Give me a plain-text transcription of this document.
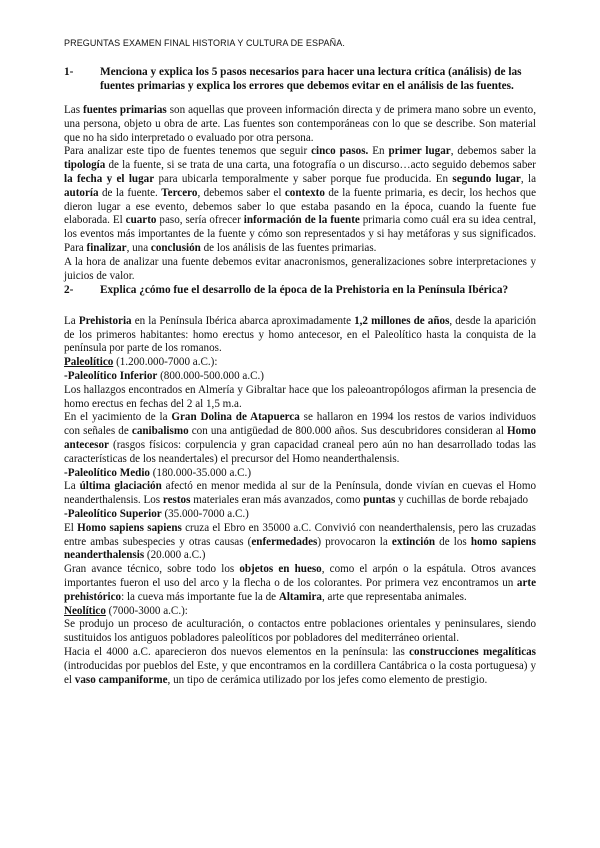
PREGUNTAS EXAMEN FINAL HISTORIA Y CULTURA DE ESPAÑA.
1-	Menciona y explica los 5 pasos necesarios para hacer una lectura crítica (análisis) de las fuentes primarias y explica los errores que debemos evitar en el análisis de las fuentes.

Las fuentes primarias son aquellas que proveen información directa y de primera mano sobre un evento, una persona, objeto u obra de arte. Las fuentes son contemporáneas con lo que se describe. Son material que no ha sido interpretado o evaluado por otra persona.

Para analizar este tipo de fuentes tenemos que seguir cinco pasos. En primer lugar, debemos saber la tipología de la fuente, si se trata de una carta, una fotografía o un discurso…acto seguido debemos saber la fecha y el lugar para ubicarla temporalmente y saber porque fue producida. En segundo lugar, la autoría de la fuente. Tercero, debemos saber el contexto de la fuente primaria, es decir, los hechos que dieron lugar a ese evento, debemos saber lo que estaba pasando en la época, cuando la fuente fue elaborada. El cuarto paso, sería ofrecer información de la fuente primaria como cuál era su idea central, los eventos más importantes de la fuente y cómo son representados y si hay metáforas y sus significados. Para finalizar, una conclusión de los análisis de las fuentes primarias.

A la hora de analizar una fuente debemos evitar anacronismos, generalizaciones sobre interpretaciones y juicios de valor.

2-	Explica ¿cómo fue el desarrollo de la época de la Prehistoria en la Península Ibérica?

La Prehistoria en la Península Ibérica abarca aproximadamente 1,2 millones de años, desde la aparición de los primeros habitantes: homo erectus y homo antecesor, en el Paleolítico hasta la conquista de la península por parte de los romanos.

Paleolítico (1.200.000-7000 a.C.):

-Paleolítico Inferior (800.000-500.000 a.C.)

Los hallazgos encontrados en Almería y Gibraltar hace que los paleoantropólogos afirman la presencia de homo erectus en fechas del 2 al 1,5 m.a.

En el yacimiento de la Gran Dolina de Atapuerca se hallaron en 1994 los restos de varios individuos con señales de canibalismo con una antigüedad de 800.000 años. Sus descubridores consideran al Homo antecesor (rasgos físicos: corpulencia y gran capacidad craneal pero aún no han desarrollado todas las características de los neandertales) el precursor del Homo neanderthalensis.

-Paleolítico Medio (180.000-35.000 a.C.)

La última glaciación afectó en menor medida al sur de la Península, donde vivían en cuevas el Homo neanderthalensis. Los restos materiales eran más avanzados, como puntas y cuchillas de borde rebajado

-Paleolítico Superior (35.000-7000 a.C.)

El Homo sapiens sapiens cruza el Ebro en 35000 a.C. Convivió con neanderthalensis, pero las cruzadas entre ambas subespecies y otras causas (enfermedades) provocaron la extinción de los homo sapiens neanderthalensis (20.000 a.C.)

Gran avance técnico, sobre todo los objetos en hueso, como el arpón o la espátula. Otros avances importantes fueron el uso del arco y la flecha o de los colorantes. Por primera vez encontramos un arte prehistórico: la cueva más importante fue la de Altamira, arte que representaba animales.

Neolítico (7000-3000 a.C.):

Se produjo un proceso de aculturación, o contactos entre poblaciones orientales y peninsulares, siendo sustituidos los antiguos pobladores paleolíticos por pobladores del mediterráneo oriental.

Hacia el 4000 a.C. aparecieron dos nuevos elementos en la península: las construcciones megalíticas (introducidas por pueblos del Este, y que encontramos en la cordillera Cantábrica o la costa portuguesa) y el vaso campaniforme, un tipo de cerámica utilizado por los jefes como elemento de prestigio.
